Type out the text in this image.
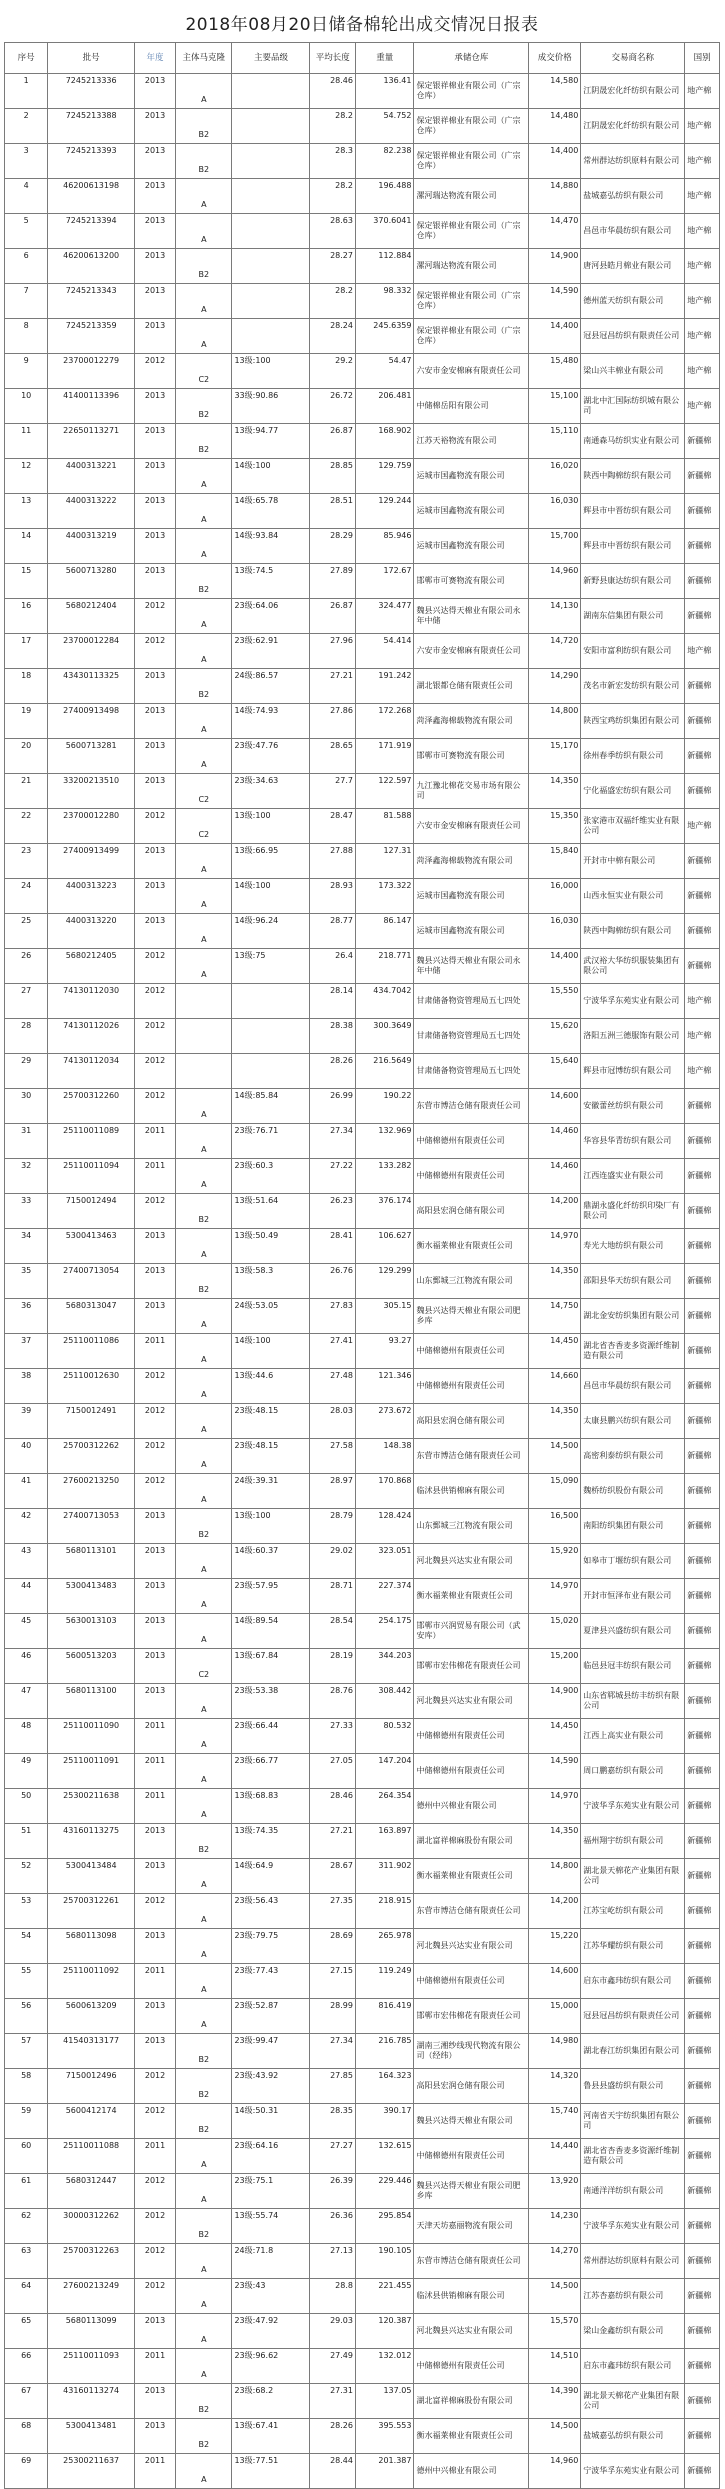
2018年08月20日储备棉轮出成交情况日报表
序号	批号	年度	主体马克隆	主要品级	平均长度	重量	承储仓库	成交价格	交易商名称	国别
1	7245213336	2013	A		28.46	136.41	保定银祥棉业有限公司（广宗仓库）	14,580	江阴晟宏化纤纺织有限公司	地产棉
2	7245213388	2013	B2		28.2	54.752	保定银祥棉业有限公司（广宗仓库）	14,480	江阴晟宏化纤纺织有限公司	地产棉
3	7245213393	2013	B2		28.3	82.238	保定银祥棉业有限公司（广宗仓库）	14,400	常州群达纺织原料有限公司	地产棉
4	46200613198	2013	A		28.2	196.488	漯河瑞达物流有限公司	14,880	盐城嘉弘纺织有限公司	地产棉
5	7245213394	2013	A		28.63	370.6041	保定银祥棉业有限公司（广宗仓库）	14,470	昌邑市华晨纺织有限公司	地产棉
6	46200613200	2013	B2		28.27	112.884	漯河瑞达物流有限公司	14,900	唐河县皓月棉业有限公司	地产棉
7	7245213343	2013	A		28.2	98.332	保定银祥棉业有限公司（广宗仓库）	14,590	德州蓝天纺织有限公司	地产棉
8	7245213359	2013	A		28.24	245.6359	保定银祥棉业有限公司（广宗仓库）	14,400	冠县冠昌纺织有限责任公司	地产棉
9	23700012279	2012	C2	13级:100	29.2	54.47	六安市金安棉麻有限责任公司	15,480	梁山兴丰棉业有限公司	地产棉
10	41400113396	2013	B2	33级:90.86	26.72	206.481	中储棉岳阳有限公司	15,100	湖北中汇国际纺织城有限公司	地产棉
11	22650113271	2013	B2	13级:94.77	26.87	168.902	江苏天裕物流有限公司	15,110	南通森马纺织实业有限公司	新疆棉
12	4400313221	2013	A	14级:100	28.85	129.759	运城市国鑫物流有限公司	16,020	陕西中陶棉纺织有限公司	新疆棉
13	4400313222	2013	A	14级:65.78	28.51	129.244	运城市国鑫物流有限公司	16,030	辉县市中晋纺织有限公司	新疆棉
14	4400313219	2013	A	14级:93.84	28.29	85.946	运城市国鑫物流有限公司	15,700	辉县市中晋纺织有限公司	新疆棉
15	5600713280	2013	B2	13级:74.5	27.89	172.67	邯郸市可赛物流有限公司	14,960	新野县康达纺织有限公司	新疆棉
16	5680212404	2012	A	23级:64.06	26.87	324.477	魏县兴达得天棉业有限公司永年中储	14,130	湖南东信集团有限公司	新疆棉
17	23700012284	2012	A	23级:62.91	27.96	54.414	六安市金安棉麻有限责任公司	14,720	安阳市富利纺织有限公司	地产棉
18	43430113325	2013	B2	24级:86.57	27.21	191.242	湖北银都仓储有限责任公司	14,290	茂名市新宏发纺织有限公司	新疆棉
19	27400913498	2013	A	14级:74.93	27.86	172.268	菏泽鑫海棉载物流有限公司	14,800	陕西宝鸡纺织集团有限公司	新疆棉
20	5600713281	2013	A	23级:47.76	28.65	171.919	邯郸市可赛物流有限公司	15,170	徐州春季纺织有限公司	新疆棉
21	33200213510	2013	C2	23级:34.63	27.7	122.597	九江豫北棉花交易市场有限公司	14,350	宁化福盛宏纺织有限公司	新疆棉
22	23700012280	2012	C2	13级:100	28.47	81.588	六安市金安棉麻有限责任公司	15,350	张家港市双福纤维实业有限公司	地产棉
23	27400913499	2013	A	13级:66.95	27.88	127.31	菏泽鑫海棉载物流有限公司	15,840	开封市中棉有限公司	新疆棉
24	4400313223	2013	A	14级:100	28.93	173.322	运城市国鑫物流有限公司	16,000	山西永恒实业有限公司	新疆棉
25	4400313220	2013	A	14级:96.24	28.77	86.147	运城市国鑫物流有限公司	16,030	陕西中陶棉纺织有限公司	新疆棉
26	5680212405	2012	A	13级:75	26.4	218.771	魏县兴达得天棉业有限公司永年中储	14,400	武汉裕大华纺织服装集团有限公司	新疆棉
27	74130112030	2012			28.14	434.7042	甘肃储备物资管理局五七四处	15,550	宁波华孚东苑实业有限公司	地产棉
28	74130112026	2012			28.38	300.3649	甘肃储备物资管理局五七四处	15,620	洛阳五洲三德服饰有限公司	地产棉
29	74130112034	2012			28.26	216.5649	甘肃储备物资管理局五七四处	15,640	辉县市冠博纺织有限公司	地产棉
30	25700312260	2012	A	14级:85.84	26.99	190.22	东营市博洁仓储有限责任公司	14,600	安徽蕾丝纺织有限公司	新疆棉
31	25110011089	2011	A	23级:76.71	27.34	132.969	中储棉德州有限责任公司	14,460	华容县华青纺织有限公司	新疆棉
32	25110011094	2011	A	23级:60.3	27.22	133.282	中储棉德州有限责任公司	14,460	江西连盛实业有限公司	新疆棉
33	7150012494	2012	B2	13级:51.64	26.23	376.174	高阳县宏润仓储有限公司	14,200	鼎湖永盛化纤纺织印染厂有限公司	新疆棉
34	5300413463	2013	A	13级:50.49	28.41	106.627	衡水福莱棉业有限责任公司	14,970	寿光大地纺织有限公司	新疆棉
35	27400713054	2013	B2	13级:58.3	26.76	129.299	山东鄄城三江物流有限公司	14,350	邵阳县华天纺织有限公司	新疆棉
36	5680313047	2013	A	24级:53.05	27.83	305.15	魏县兴达得天棉业有限公司肥乡库	14,750	湖北金安纺织集团有限公司	新疆棉
37	25110011086	2011	A	14级:100	27.41	93.27	中储棉德州有限责任公司	14,450	湖北省杏香麦多资源纤维制造有限公司	新疆棉
38	25110012630	2012	A	13级:44.6	27.48	121.346	中储棉德州有限责任公司	14,660	昌邑市华晨纺织有限公司	新疆棉
39	7150012491	2012	A	23级:48.15	28.03	273.672	高阳县宏润仓储有限公司	14,350	太康县鹏兴纺织有限公司	新疆棉
40	25700312262	2012	A	23级:48.15	27.58	148.38	东营市博洁仓储有限责任公司	14,500	高密利泰纺织有限公司	新疆棉
41	27600213250	2012	A	24级:39.31	28.97	170.868	临沭县供销棉麻有限公司	15,090	魏桥纺织股份有限公司	新疆棉
42	27400713053	2013	B2	13级:100	28.79	128.424	山东鄄城三江物流有限公司	16,500	南阳纺织集团有限公司	新疆棉
43	5680113101	2013	A	14级:60.37	29.02	323.051	河北魏县兴达实业有限公司	15,920	如皋市丁堰纺织有限公司	新疆棉
44	5300413483	2013	A	23级:57.95	28.71	227.374	衡水福莱棉业有限责任公司	14,970	开封市恒泽布业有限公司	新疆棉
45	5630013103	2013	A	14级:89.54	28.54	254.175	邯郸市兴润贸易有限公司（武安库）	15,020	夏津县兴盛纺织有限公司	新疆棉
46	5600513203	2013	C2	13级:67.84	28.19	344.203	邯郸市宏伟棉花有限责任公司	15,200	临邑县冠丰纺织有限公司	新疆棉
47	5680113100	2013	A	23级:53.38	28.76	308.442	河北魏县兴达实业有限公司	14,900	山东省郓城县纺丰纺织有限公司	新疆棉
48	25110011090	2011	A	23级:66.44	27.33	80.532	中储棉德州有限责任公司	14,450	江西上高实业有限公司	新疆棉
49	25110011091	2011	A	23级:66.77	27.05	147.204	中储棉德州有限责任公司	14,590	周口鹏嘉纺织有限公司	新疆棉
50	25300211638	2011	A	13级:68.83	28.46	264.354	德州中兴棉业有限公司	14,970	宁波华孚东苑实业有限公司	新疆棉
51	43160113275	2013	B2	13级:74.35	27.21	163.897	湖北富祥棉麻股份有限公司	14,350	福州翔宇纺织有限公司	新疆棉
52	5300413484	2013	A	14级:64.9	28.67	311.902	衡水福莱棉业有限责任公司	14,800	湖北景天棉花产业集团有限公司	新疆棉
53	25700312261	2012	A	23级:56.43	27.35	218.915	东营市博洁仓储有限责任公司	14,200	江苏宝屹纺织有限公司	新疆棉
54	5680113098	2013	A	23级:79.75	28.69	265.978	河北魏县兴达实业有限公司	15,220	江苏华耀纺织有限公司	新疆棉
55	25110011092	2011	A	23级:77.43	27.15	119.249	中储棉德州有限责任公司	14,600	启东市鑫玮纺织有限公司	新疆棉
56	5600613209	2013	A	23级:52.87	28.99	816.419	邯郸市宏伟棉花有限责任公司	15,000	冠县冠昌纺织有限责任公司	新疆棉
57	41540313177	2013	B2	23级:99.47	27.34	216.785	湖南三湘纱线现代物流有限公司（经纬）	14,980	湖北春江纺织集团有限公司	新疆棉
58	7150012496	2012	B2	23级:43.92	27.85	164.323	高阳县宏润仓储有限公司	14,320	鲁县县盛纺织有限公司	新疆棉
59	5600412174	2012	B2	14级:50.31	28.35	390.17	魏县兴达得天棉业有限公司	15,740	河南省天宇纺织集团有限公司	新疆棉
60	25110011088	2011	A	23级:64.16	27.27	132.615	中储棉德州有限责任公司	14,440	湖北省杏香麦多资源纤维制造有限公司	新疆棉
61	5680312447	2012	A	23级:75.1	26.39	229.446	魏县兴达得天棉业有限公司肥乡库	13,920	南通洋洋纺织有限公司	新疆棉
62	30000312262	2012	B2	13级:55.74	26.36	295.854	天津天坊嘉丽物流有限公司	14,230	宁波华孚东苑实业有限公司	新疆棉
63	25700312263	2012	A	24级:71.8	27.13	190.105	东营市博洁仓储有限责任公司	14,270	常州群达纺织原料有限公司	新疆棉
64	27600213249	2012	A	23级:43	28.8	221.455	临沭县供销棉麻有限公司	14,500	江苏杏嘉纺织有限公司	新疆棉
65	5680113099	2013	A	23级:47.92	29.03	120.387	河北魏县兴达实业有限公司	15,570	梁山金鑫纺织有限公司	新疆棉
66	25110011093	2011	A	23级:96.62	27.49	132.012	中储棉德州有限责任公司	14,510	启东市鑫玮纺织有限公司	新疆棉
67	43160113274	2013	B2	23级:68.2	27.31	137.05	湖北富祥棉麻股份有限公司	14,390	湖北景天棉花产业集团有限公司	新疆棉
68	5300413481	2013	B2	13级:67.41	28.26	395.553	衡水福莱棉业有限责任公司	14,500	盐城嘉弘纺织有限公司	新疆棉
69	25300211637	2011	A	13级:77.51	28.44	201.387	德州中兴棉业有限公司	14,960	宁波华孚东苑实业有限公司	新疆棉
